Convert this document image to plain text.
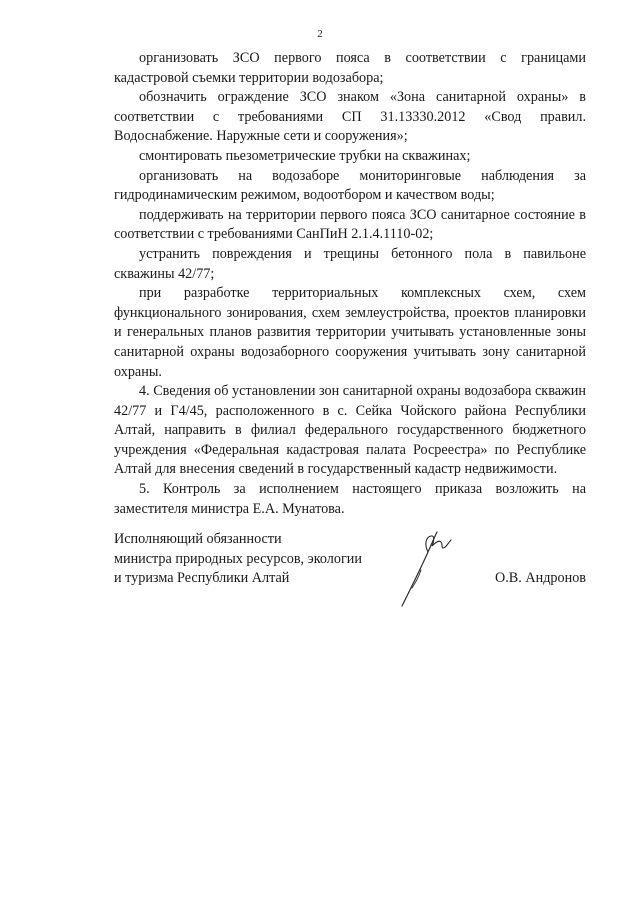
2

организовать ЗСО первого пояса в соответствии с границами кадастровой съемки территории водозабора;

обозначить ограждение ЗСО знаком «Зона санитарной охраны» в соответствии с требованиями СП 31.13330.2012 «Свод правил. Водоснабжение. Наружные сети и сооружения»;

смонтировать пьезометрические трубки на скважинах;

организовать на водозаборе мониторинговые наблюдения за гидродинамическим режимом, водоотбором и качеством воды;

поддерживать на территории первого пояса ЗСО санитарное состояние в соответствии с требованиями СанПиН 2.1.4.1110-02;

устранить повреждения и трещины бетонного пола в павильоне скважины 42/77;

при разработке территориальных комплексных схем, схем функционального зонирования, схем землеустройства, проектов планировки и генеральных планов развития территории учитывать установленные зоны санитарной охраны водозаборного сооружения учитывать зону санитарной охраны.

4. Сведения об установлении зон санитарной охраны водозабора скважин 42/77 и Г4/45, расположенного в с. Сейка Чойского района Республики Алтай, направить в филиал федерального государственного бюджетного учреждения «Федеральная кадастровая палата Росреестра» по Республике Алтай для внесения сведений в государственный кадастр недвижимости.

5. Контроль за исполнением настоящего приказа возложить на заместителя министра Е.А. Мунатова.

Исполняющий обязанности
министра природных ресурсов, экологии
и туризма Республики Алтай	О.В. Андронов
